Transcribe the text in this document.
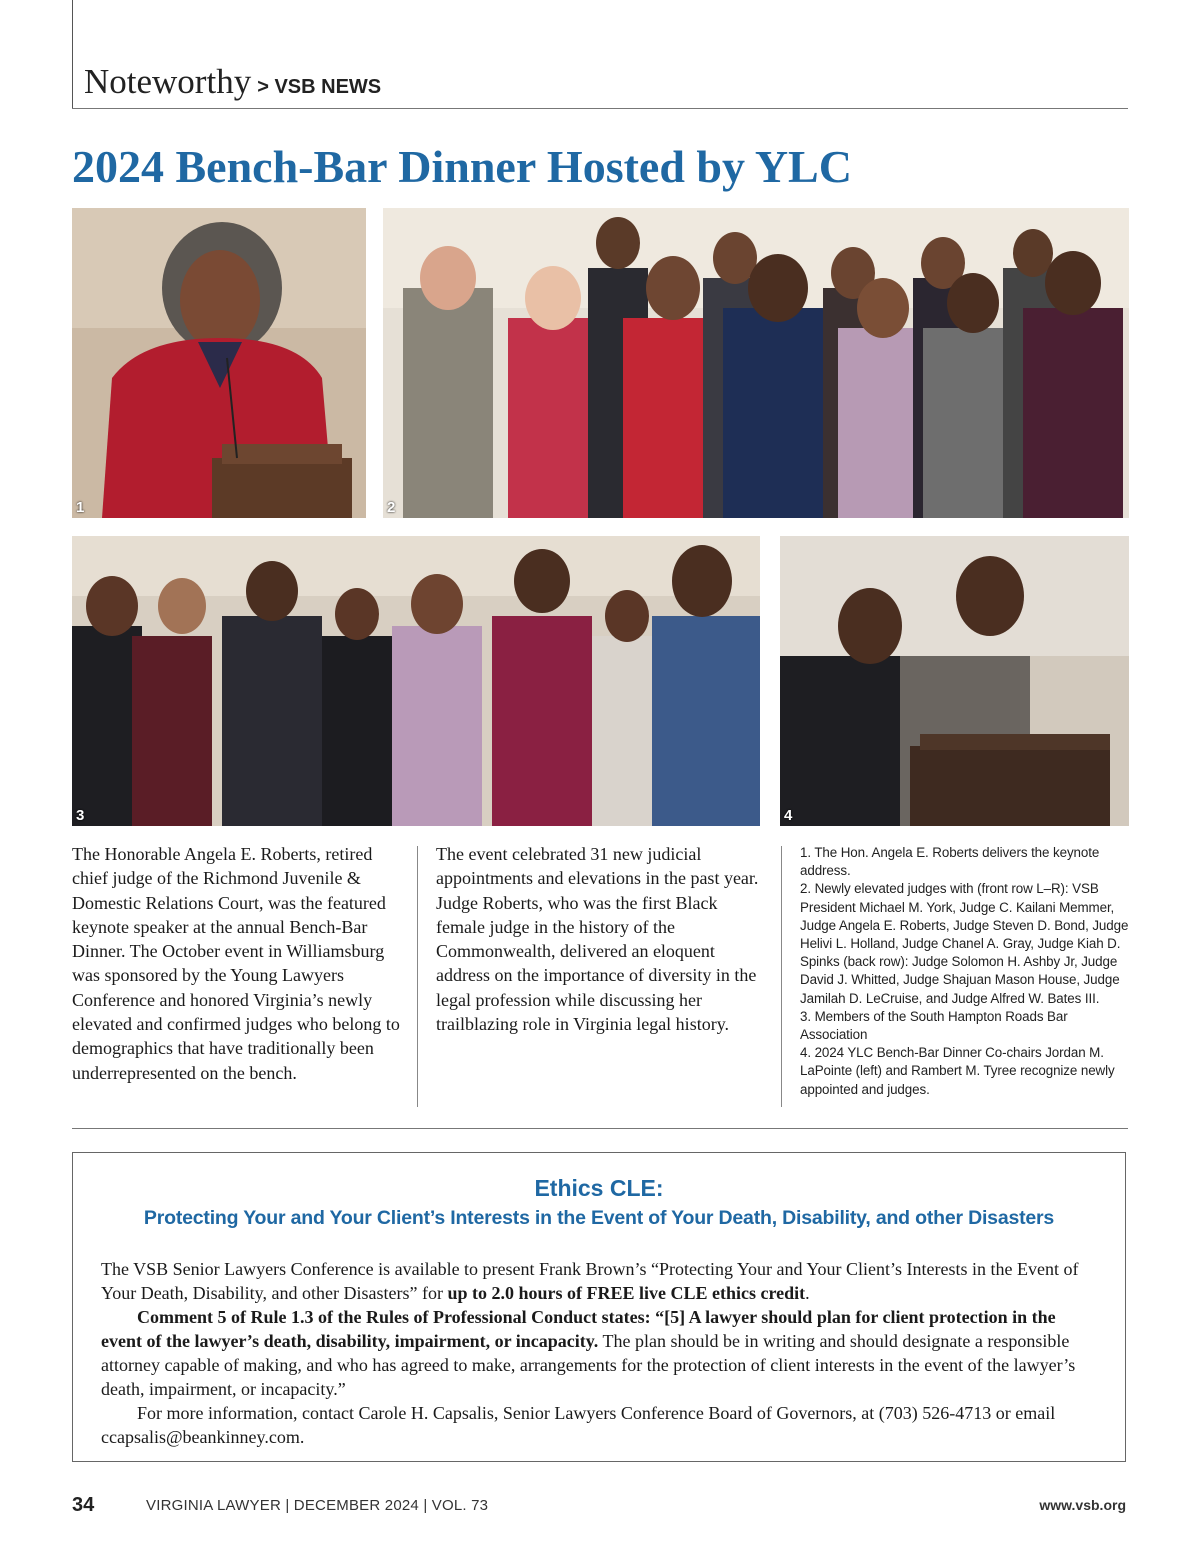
Noteworthy > VSB NEWS
2024 Bench-Bar Dinner Hosted by YLC
1	2
3	4

The Honorable Angela E. Roberts, retired chief judge of the Richmond Juvenile & Domestic Relations Court, was the featured keynote speaker at the annual Bench-Bar Dinner. The October event in Williamsburg was sponsored by the Young Lawyers Conference and honored Virginia’s newly elevated and confirmed judges who belong to demographics that have traditionally been underrepresented on the bench.

The event celebrated 31 new judicial appointments and elevations in the past year. Judge Roberts, who was the first Black female judge in the history of the Commonwealth, delivered an eloquent address on the importance of diversity in the legal profession while discussing her trailblazing role in Virginia legal history.

1. The Hon. Angela E. Roberts delivers the keynote address.
2. Newly elevated judges with (front row L–R): VSB President Michael M. York, Judge C. Kailani Memmer, Judge Angela E. Roberts, Judge Steven D. Bond, Judge Helivi L. Holland, Judge Chanel A. Gray, Judge Kiah D. Spinks (back row): Judge Solomon H. Ashby Jr, Judge David J. Whitted, Judge Shajuan Mason House, Judge Jamilah D. LeCruise, and Judge Alfred W. Bates III.
3. Members of the South Hampton Roads Bar Association
4. 2024 YLC Bench-Bar Dinner Co-chairs Jordan M. LaPointe (left) and Rambert M. Tyree recognize newly appointed and judges.
Ethics CLE:
Protecting Your and Your Client’s Interests in the Event of Your Death, Disability, and other Disasters

The VSB Senior Lawyers Conference is available to present Frank Brown’s “Protecting Your and Your Client’s Interests in the Event of Your Death, Disability, and other Disasters” for up to 2.0 hours of FREE live CLE ethics credit.

Comment 5 of Rule 1.3 of the Rules of Professional Conduct states: “[5] A lawyer should plan for client protection in the event of the lawyer’s death, disability, impairment, or incapacity. The plan should be in writing and should designate a responsible attorney capable of making, and who has agreed to make, arrangements for the protection of client interests in the event of the lawyer’s death, impairment, or incapacity.”

For more information, contact Carole H. Capsalis, Senior Lawyers Conference Board of Governors, at (703) 526-4713 or email ccapsalis@beankinney.com.

34	VIRGINIA LAWYER | DECEMBER 2024 | VOL. 73	www.vsb.org
